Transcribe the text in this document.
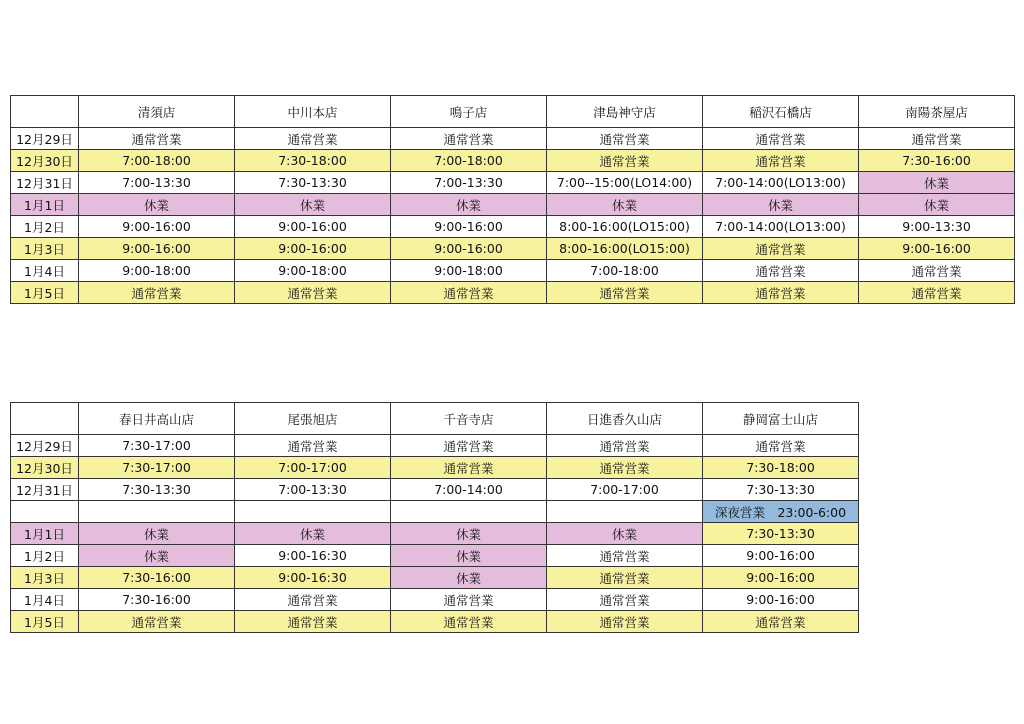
	清須店	中川本店	鳴子店	津島神守店	稲沢石橋店	南陽茶屋店
12月29日	通常営業	通常営業	通常営業	通常営業	通常営業	通常営業
12月30日	7:00-18:00	7:30-18:00	7:00-18:00	通常営業	通常営業	7:30-16:00
12月31日	7:00-13:30	7:30-13:30	7:00-13:30	7:00--15:00(LO14:00)	7:00-14:00(LO13:00)	休業
1月1日	休業	休業	休業	休業	休業	休業
1月2日	9:00-16:00	9:00-16:00	9:00-16:00	8:00-16:00(LO15:00)	7:00-14:00(LO13:00)	9:00-13:30
1月3日	9:00-16:00	9:00-16:00	9:00-16:00	8:00-16:00(LO15:00)	通常営業	9:00-16:00
1月4日	9:00-18:00	9:00-18:00	9:00-18:00	7:00-18:00	通常営業	通常営業
1月5日	通常営業	通常営業	通常営業	通常営業	通常営業	通常営業
	春日井高山店	尾張旭店	千音寺店	日進香久山店	静岡富士山店
12月29日	7:30-17:00	通常営業	通常営業	通常営業	通常営業
12月30日	7:30-17:00	7:00-17:00	通常営業	通常営業	7:30-18:00
12月31日	7:30-13:30	7:00-13:30	7:00-14:00	7:00-17:00	7:30-13:30
					深夜営業　23:00-6:00
1月1日	休業	休業	休業	休業	7:30-13:30
1月2日	休業	9:00-16:30	休業	通常営業	9:00-16:00
1月3日	7:30-16:00	9:00-16:30	休業	通常営業	9:00-16:00
1月4日	7:30-16:00	通常営業	通常営業	通常営業	9:00-16:00
1月5日	通常営業	通常営業	通常営業	通常営業	通常営業
